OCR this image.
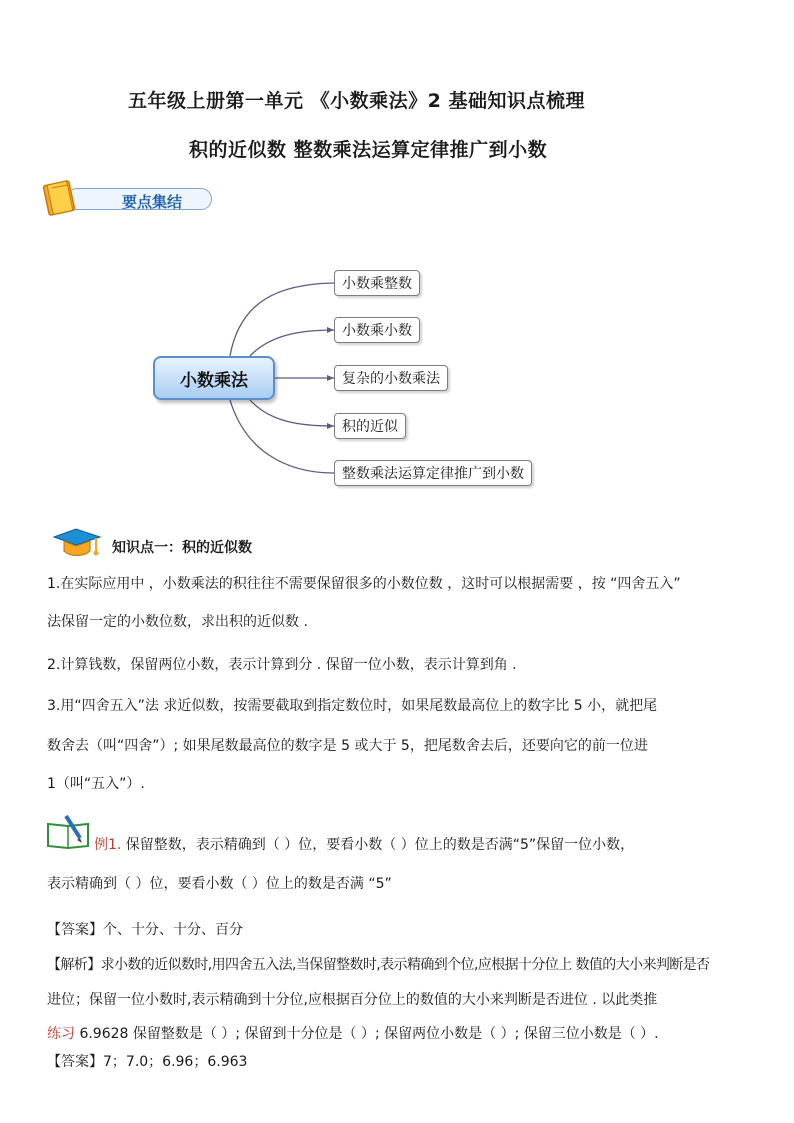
五年级上册第一单元 《小数乘法》2 基础知识点梳理
积的近似数 整数乘法运算定律推广到小数
要点集结
小数乘法
小数乘整数
小数乘小数
复杂的小数乘法
积的近似
整数乘法运算定律推广到小数
知识点一：积的近似数
1.在实际应用中 ，小数乘法的积往往不需要保留很多的小数位数 ，这时可以根据需要 ，按 “四舍五入”
法保留一定的小数位数，求出积的近似数 .
2.计算钱数，保留两位小数，表示计算到分 . 保留一位小数，表示计算到角 .
3.用“四舍五入”法 求近似数，按需要截取到指定数位时，如果尾数最高位上的数字比 5 小，就把尾
数舍去（叫“四舍”）; 如果尾数最高位的数字是 5 或大于 5，把尾数舍去后，还要向它的前一位进
1（叫“五入”）.
例1. 保留整数，表示精确到（ ）位，要看小数（ ）位上的数是否满“5”保留一位小数，
表示精确到（ ）位，要看小数（ ）位上的数是否满 “5”
【答案】个、十分、十分、百分
【解析】求小数的近似数时,用四舍五入法,当保留整数时,表示精确到个位,应根据十分位上 数值的大小来判断是否
进位；保留一位小数时,表示精确到十分位,应根据百分位上的数值的大小来判断是否进位 . 以此类推
练习 6.9628 保留整数是（ ）; 保留到十分位是（ ）; 保留两位小数是（ ）; 保留三位小数是（ ）.
【答案】7；7.0；6.96；6.963
